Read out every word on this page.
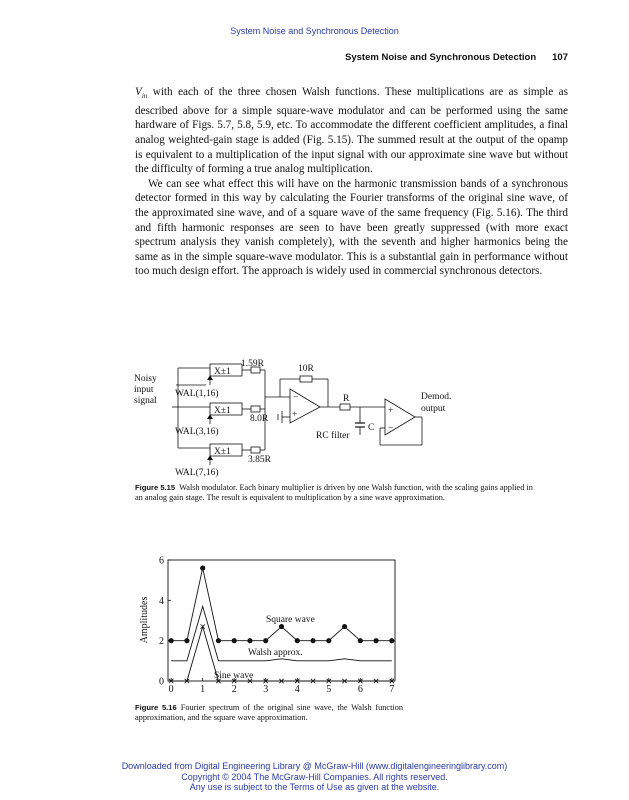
System Noise and Synchronous Detection
System Noise and Synchronous Detection 107

$V_{in}$ with each of the three chosen Walsh functions. These multiplications are as simple as described above for a simple square-wave modulator and can be performed using the same hardware of Figs. 5.7, 5.8, 5.9, etc. To accommodate the different coefficient amplitudes, a final analog weighted-gain stage is added (Fig. 5.15). The summed result at the output of the opamp is equivalent to a multiplication of the input signal with our approximate sine wave but without the difficulty of forming a true analog multiplication.

We can see what effect this will have on the harmonic transmission bands of a synchronous detector formed in this way by calculating the Fourier transforms of the original sine wave, of the approximated sine wave, and of a square wave of the same frequency (Fig. 5.16). The third and fifth harmonic responses are seen to have been greatly suppressed (with more exact spectrum analysis they vanish completely), with the seventh and higher harmonics being the same as in the simple square-wave modulator. This is a substantial gain in performance without too much design effort. The approach is widely used in commercial synchronous detectors.

Noisy
input
signal
X±1
X±1
X±1
WAL(1,16)
WAL(3,16)
WAL(7,16)
1.59R
8.0R
3.85R
10R
−
+
R
C
RC filter
+
−
Demod.
output
Figure 5.15 Walsh modulator. Each binary multiplier is driven by one Walsh function, with the scaling gains applied in an analog gain stage. The result is equivalent to multiplication by a sine wave approximation.
0	1	2	3	4	5	6	7
0
2
4
6
Amplitudes	Square wave
Walsh approx.
Sine wave
Figure 5.16 Fourier spectrum of the original sine wave, the Walsh function approximation, and the square wave approximation.
Downloaded from Digital Engineering Library @ McGraw-Hill (www.digitalengineeringlibrary.com)
Copyright © 2004 The McGraw-Hill Companies. All rights reserved.
Any use is subject to the Terms of Use as given at the website.
